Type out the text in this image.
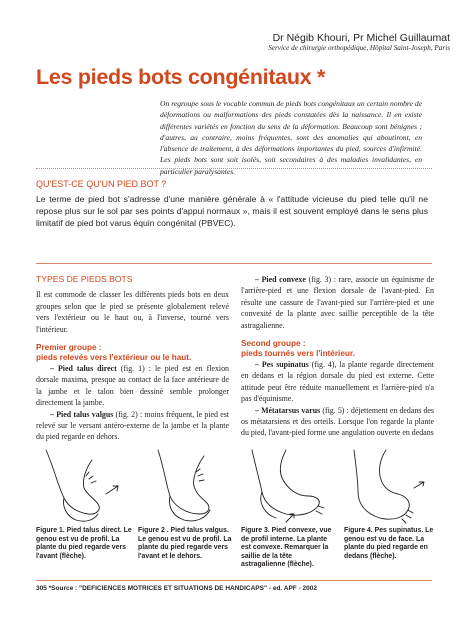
Dr Négib Khouri, Pr Michel Guillaumat
Service de chirurgie orthopédique, Hôpital Saint-Joseph, Paris
Les pieds bots congénitaux *
On regroupe sous le vocable commun de pieds bots congénitaux un certain nombre de déformations ou malformations des pieds constatées dès la naissance. Il en existe différentes variétés en fonction du sens de la déformation. Beaucoup sont bénignes ; d'autres, au contraire, moins fréquentes, sont des anomalies qui aboutiront, en l'absence de traitement, à des déformations importantes du pied, sources d'infirmité. Les pieds bots sont soit isolés, soit secondaires à des maladies invalidantes, en particulier paralysantes.
QU'EST-CE QU'UN PIED BOT ?
Le terme de pied bot s'adresse d'une manière générale à « l'attitude vicieuse du pied telle qu'il ne repose plus sur le sol par ses points d'appui normaux », mais il est souvent employé dans le sens plus limitatif de pied bot varus équin congénital (PBVEC).

TYPES DE PIEDS BOTS

Il est commode de classer les différents pieds bots en deux groupes selon que le pied se présente globalement relevé vers l'extérieur ou le haut ou, à l'inverse, tourné vers l'intérieur.

Premier groupe :
pieds relevés vers l'extérieur ou le haut.

– Pied talus direct (fig. 1) : le pied est en flexion dorsale maxima, presque au contact de la face antérieure de la jambe et le talon bien dessiné semble prolonger directement la jambe.

– Pied talus valgus (fig. 2) : moins fréquent, le pied est relevé sur le versant antéro-externe de la jambe et la plante du pied regarde en dehors.

– Pied convexe (fig. 3) : rare, associe un équinisme de l'arrière-pied et une flexion dorsale de l'avant-pied. En résulte une cassure de l'avant-pied sur l'arrière-pied et une convexité de la plante avec saillie perceptible de la tête astragalienne.

Second groupe :
pieds tournés vers l'intérieur.

– Pes supinatus (fig. 4), la plante regarde directement en dedans et la région dorsale du pied est externe. Cette attitude peut être réduite manuellement et l'arrière-pied n'a pas d'équinisme.

– Métatarsus varus (fig. 5) : déjettement en dedans des os métatarsiens et des orteils. Lorsque l'on regarde la plante du pied, l'avant-pied forme une angulation ouverte en dedans

Figure 1. Pied talus direct. Le genou est vu de profil. La plante du pied regarde vers l'avant (flèche).
Figure 2 . Pied talus valgus. Le genou est vu de profil. La plante du pied regarde vers l'avant et le dehors.
Figure 3. Pied convexe, vue de profil interne. La plante est convexe. Remarquer la saillie de la tête astragalienne (flèche).
Figure 4. Pes supinatus. Le genou est vu de face. La plante du pied regarde en dedans (flèche).
305 *Source : "DEFICIENCES MOTRICES ET SITUATIONS DE HANDICAPS" - ed. APF - 2002
